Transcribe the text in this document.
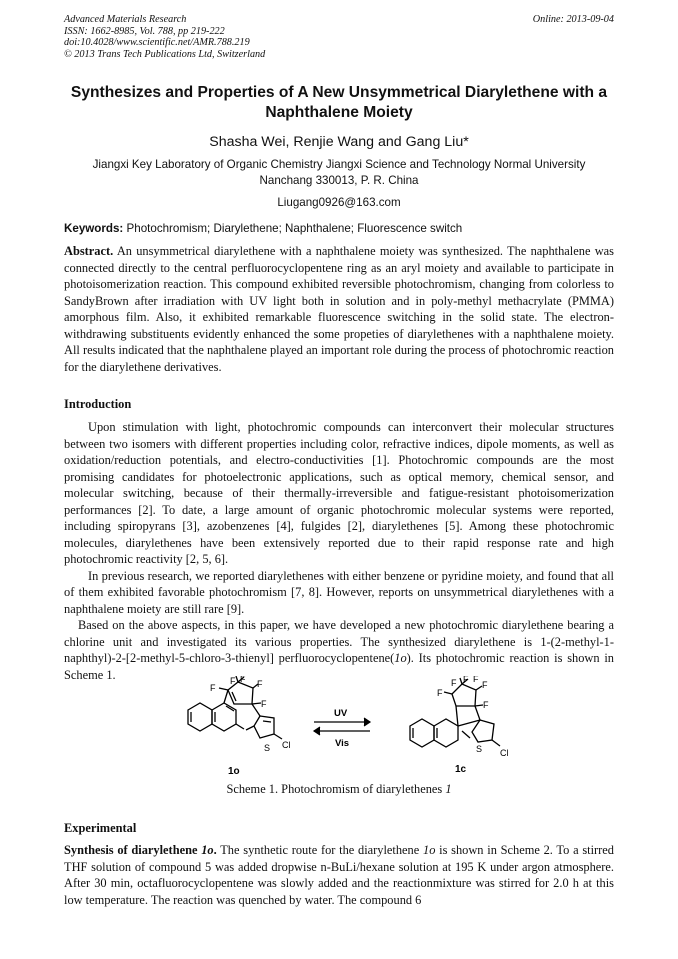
Advanced Materials Research
ISSN: 1662-8985, Vol. 788, pp 219-222
doi:10.4028/www.scientific.net/AMR.788.219
© 2013 Trans Tech Publications Ltd, Switzerland
Online: 2013-09-04
Synthesizes and Properties of A New Unsymmetrical Diarylethene with a
Naphthalene Moiety
Shasha Wei, Renjie Wang and Gang Liu*
Jiangxi Key Laboratory of Organic Chemistry Jiangxi Science and Technology Normal University
Nanchang 330013, P. R. China
Liugang0926@163.com
Keywords: Photochromism; Diarylethene; Naphthalene; Fluorescence switch

Abstract. An unsymmetrical diarylethene with a naphthalene moiety was synthesized. The naphthalene was connected directly to the central perfluorocyclopentene ring as an aryl moiety and available to participate in photoisomerization reaction. This compound exhibited reversible photochromism, changing from colorless to SandyBrown after irradiation with UV light both in solution and in poly-methyl methacrylate (PMMA) amorphous film. Also, it exhibited remarkable fluorescence switching in the solid state. The electron-withdrawing substituents evidently enhanced the some propeties of diarylethenes with a naphthalene moiety. All results indicated that the naphthalene played an important role during the process of photochromic reaction for the diarylethene derivatives.

Introduction

Upon stimulation with light, photochromic compounds can interconvert their molecular structures between two isomers with different properties including color, refractive indices, dipole moments, as well as oxidation/reduction potentials, and electro-conductivities [1]. Photochromic compounds are the most promising candidates for photoelectronic applications, such as optical memory, chemical sensor, and molecular switching, because of their thermally-irreversible and fatigue-resistant photoisomerization performances [2]. To date, a large amount of organic photochromic molecular systems were reported, including spiropyrans [3], azobenzenes [4], fulgides [2], diarylethenes [5]. Among these photochromic molecules, diarylethenes have been extensively reported due to their rapid response rate and high photochromic reactivity [2, 5, 6].

In previous research, we reported diarylethenes with either benzene or pyridine moiety, and found that all of them exhibited favorable photochromism [7, 8]. However, reports on unsymmetrical diarylethenes with a naphthalene moiety are still rare [9].

Based on the above aspects, in this paper, we have developed a new photochromic diarylethene bearing a chlorine unit and investigated its various properties. The synthesized diarylethene is 1-(2-methyl-1-naphthyl)-2-[2-methyl-5-chloro-3-thienyl] perfluorocyclopentene(1o). Its photochromic reaction is shown in Scheme 1.	F F F
F
F
S Cl
1o
UV
Vis
F F F
F
F
F
S Cl
1c
Scheme 1. Photochromism of diarylethenes 1
Experimental

Synthesis of diarylethene 1o. The synthetic route for the diarylethene 1o is shown in Scheme 2. To a stirred THF solution of compound 5 was added dropwise n-BuLi/hexane solution at 195 K under argon atmosphere. After 30 min, octafluorocyclopentene was slowly added and the reactionmixture was stirred for 2.0 h at this low temperature. The reaction was quenched by water. The compound 6
